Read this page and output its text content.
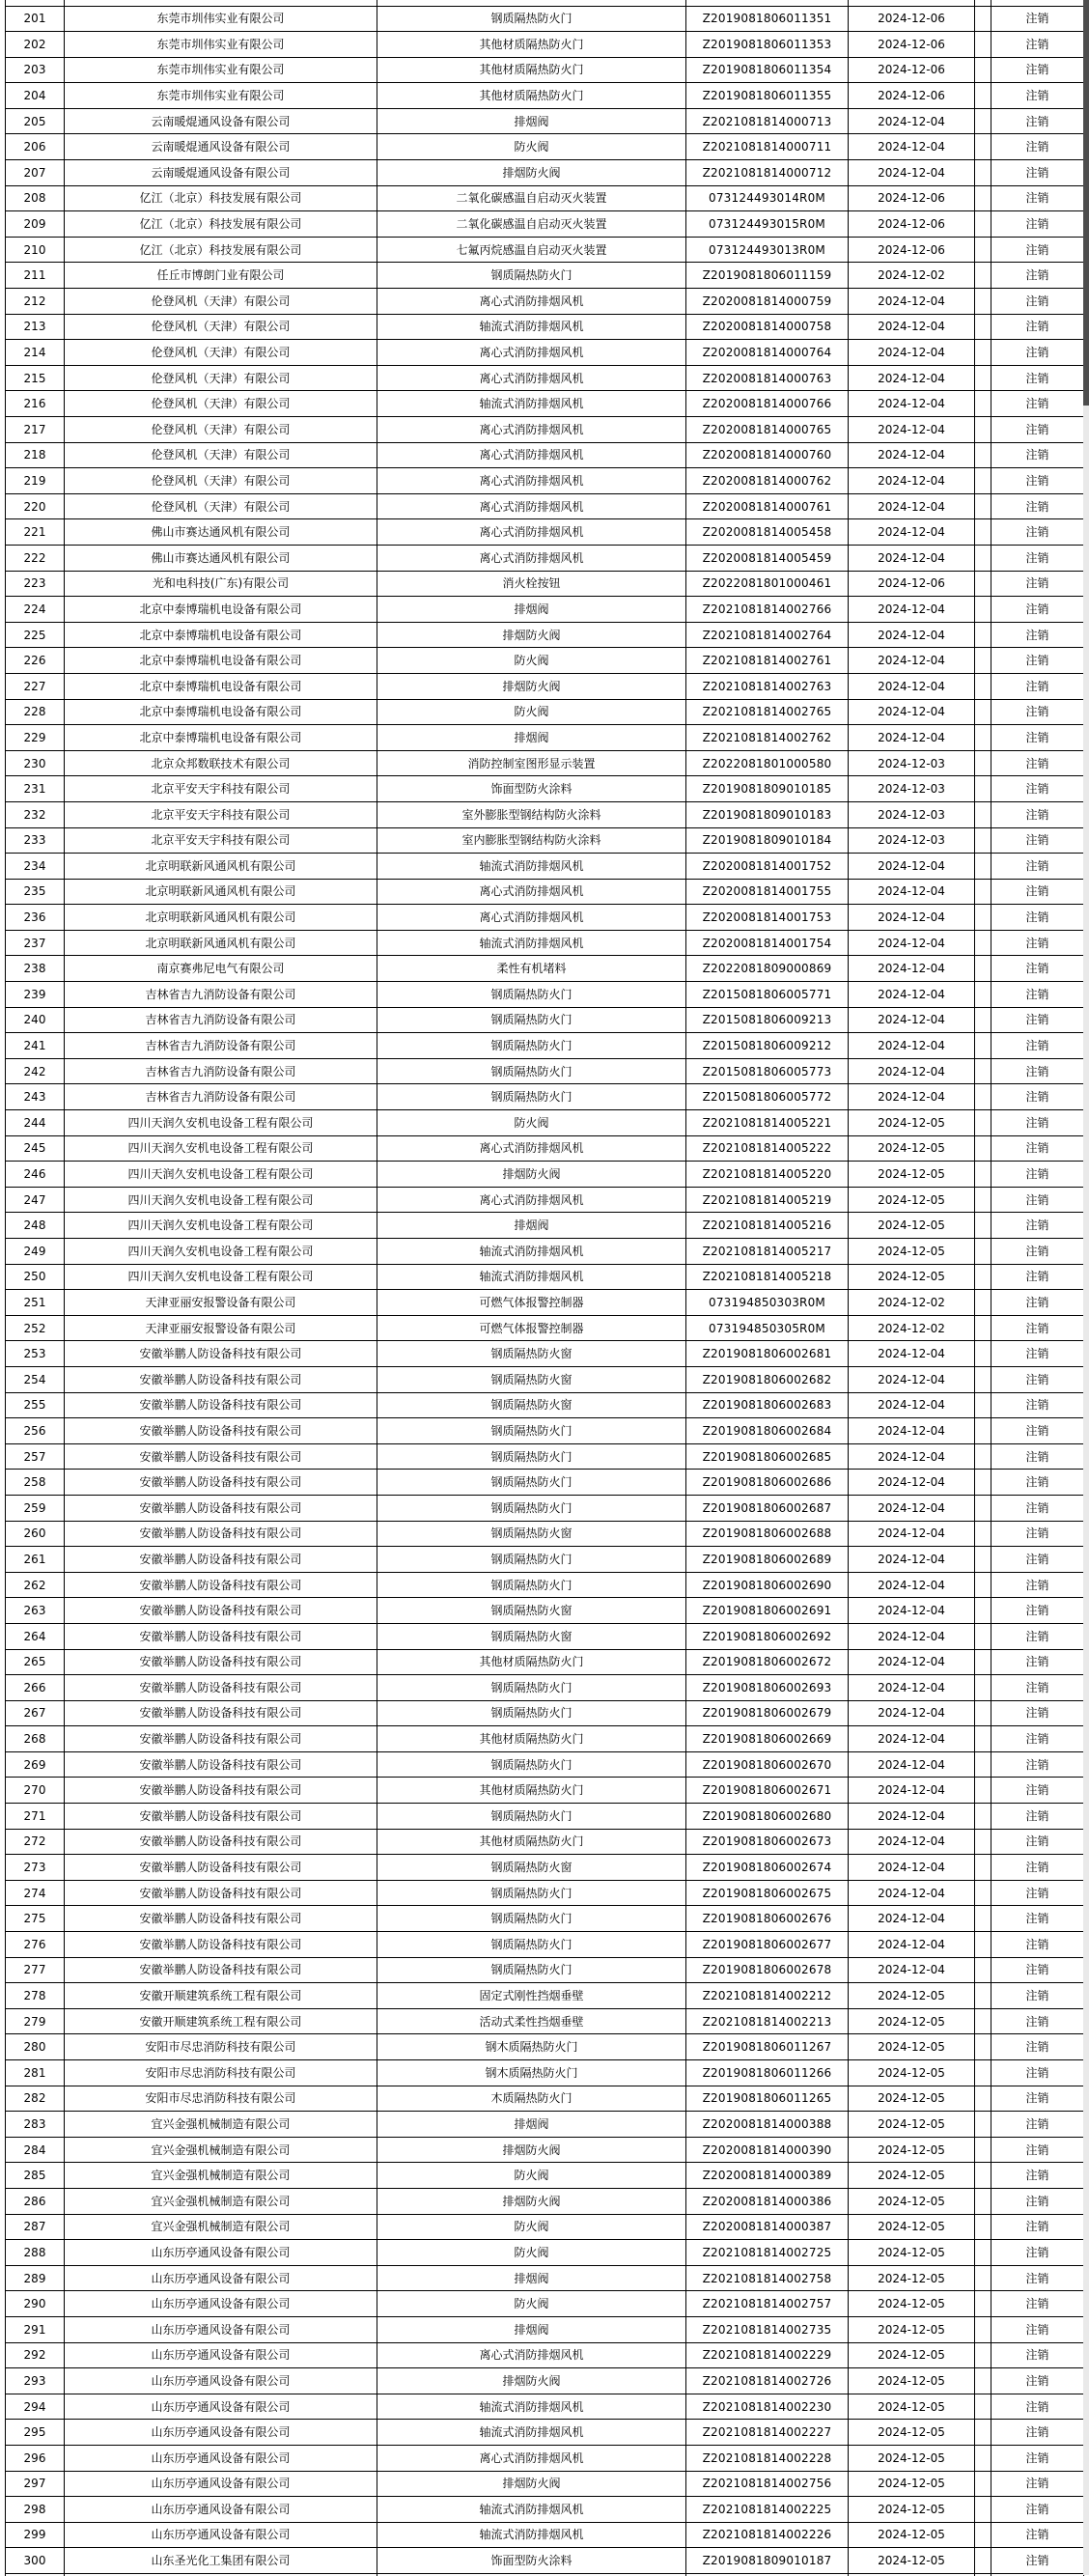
201	东莞市圳伟实业有限公司	钢质隔热防火门	Z2019081806011351	2024-12-06		注销
202	东莞市圳伟实业有限公司	其他材质隔热防火门	Z2019081806011353	2024-12-06		注销
203	东莞市圳伟实业有限公司	其他材质隔热防火门	Z2019081806011354	2024-12-06		注销
204	东莞市圳伟实业有限公司	其他材质隔热防火门	Z2019081806011355	2024-12-06		注销
205	云南暖焜通风设备有限公司	排烟阀	Z2021081814000713	2024-12-04		注销
206	云南暖焜通风设备有限公司	防火阀	Z2021081814000711	2024-12-04		注销
207	云南暖焜通风设备有限公司	排烟防火阀	Z2021081814000712	2024-12-04		注销
208	亿江（北京）科技发展有限公司	二氧化碳感温自启动灭火装置	073124493014R0M	2024-12-06		注销
209	亿江（北京）科技发展有限公司	二氧化碳感温自启动灭火装置	073124493015R0M	2024-12-06		注销
210	亿江（北京）科技发展有限公司	七氟丙烷感温自启动灭火装置	073124493013R0M	2024-12-06		注销
211	任丘市博朗门业有限公司	钢质隔热防火门	Z2019081806011159	2024-12-02		注销
212	伦登风机（天津）有限公司	离心式消防排烟风机	Z2020081814000759	2024-12-04		注销
213	伦登风机（天津）有限公司	轴流式消防排烟风机	Z2020081814000758	2024-12-04		注销
214	伦登风机（天津）有限公司	离心式消防排烟风机	Z2020081814000764	2024-12-04		注销
215	伦登风机（天津）有限公司	离心式消防排烟风机	Z2020081814000763	2024-12-04		注销
216	伦登风机（天津）有限公司	轴流式消防排烟风机	Z2020081814000766	2024-12-04		注销
217	伦登风机（天津）有限公司	离心式消防排烟风机	Z2020081814000765	2024-12-04		注销
218	伦登风机（天津）有限公司	离心式消防排烟风机	Z2020081814000760	2024-12-04		注销
219	伦登风机（天津）有限公司	离心式消防排烟风机	Z2020081814000762	2024-12-04		注销
220	伦登风机（天津）有限公司	离心式消防排烟风机	Z2020081814000761	2024-12-04		注销
221	佛山市赛达通风机有限公司	离心式消防排烟风机	Z2020081814005458	2024-12-04		注销
222	佛山市赛达通风机有限公司	离心式消防排烟风机	Z2020081814005459	2024-12-04		注销
223	光和电科技(广东)有限公司	消火栓按钮	Z2022081801000461	2024-12-06		注销
224	北京中泰博瑞机电设备有限公司	排烟阀	Z2021081814002766	2024-12-04		注销
225	北京中泰博瑞机电设备有限公司	排烟防火阀	Z2021081814002764	2024-12-04		注销
226	北京中泰博瑞机电设备有限公司	防火阀	Z2021081814002761	2024-12-04		注销
227	北京中泰博瑞机电设备有限公司	排烟防火阀	Z2021081814002763	2024-12-04		注销
228	北京中泰博瑞机电设备有限公司	防火阀	Z2021081814002765	2024-12-04		注销
229	北京中泰博瑞机电设备有限公司	排烟阀	Z2021081814002762	2024-12-04		注销
230	北京众邦数联技术有限公司	消防控制室图形显示装置	Z2022081801000580	2024-12-03		注销
231	北京平安天宇科技有限公司	饰面型防火涂料	Z2019081809010185	2024-12-03		注销
232	北京平安天宇科技有限公司	室外膨胀型钢结构防火涂料	Z2019081809010183	2024-12-03		注销
233	北京平安天宇科技有限公司	室内膨胀型钢结构防火涂料	Z2019081809010184	2024-12-03		注销
234	北京明联新风通风机有限公司	轴流式消防排烟风机	Z2020081814001752	2024-12-04		注销
235	北京明联新风通风机有限公司	离心式消防排烟风机	Z2020081814001755	2024-12-04		注销
236	北京明联新风通风机有限公司	离心式消防排烟风机	Z2020081814001753	2024-12-04		注销
237	北京明联新风通风机有限公司	轴流式消防排烟风机	Z2020081814001754	2024-12-04		注销
238	南京赛弗尼电气有限公司	柔性有机堵料	Z2022081809000869	2024-12-04		注销
239	吉林省吉九消防设备有限公司	钢质隔热防火门	Z2015081806005771	2024-12-04		注销
240	吉林省吉九消防设备有限公司	钢质隔热防火门	Z2015081806009213	2024-12-04		注销
241	吉林省吉九消防设备有限公司	钢质隔热防火门	Z2015081806009212	2024-12-04		注销
242	吉林省吉九消防设备有限公司	钢质隔热防火门	Z2015081806005773	2024-12-04		注销
243	吉林省吉九消防设备有限公司	钢质隔热防火门	Z2015081806005772	2024-12-04		注销
244	四川天润久安机电设备工程有限公司	防火阀	Z2021081814005221	2024-12-05		注销
245	四川天润久安机电设备工程有限公司	离心式消防排烟风机	Z2021081814005222	2024-12-05		注销
246	四川天润久安机电设备工程有限公司	排烟防火阀	Z2021081814005220	2024-12-05		注销
247	四川天润久安机电设备工程有限公司	离心式消防排烟风机	Z2021081814005219	2024-12-05		注销
248	四川天润久安机电设备工程有限公司	排烟阀	Z2021081814005216	2024-12-05		注销
249	四川天润久安机电设备工程有限公司	轴流式消防排烟风机	Z2021081814005217	2024-12-05		注销
250	四川天润久安机电设备工程有限公司	轴流式消防排烟风机	Z2021081814005218	2024-12-05		注销
251	天津亚丽安报警设备有限公司	可燃气体报警控制器	073194850303R0M	2024-12-02		注销
252	天津亚丽安报警设备有限公司	可燃气体报警控制器	073194850305R0M	2024-12-02		注销
253	安徽举鹏人防设备科技有限公司	钢质隔热防火窗	Z2019081806002681	2024-12-04		注销
254	安徽举鹏人防设备科技有限公司	钢质隔热防火窗	Z2019081806002682	2024-12-04		注销
255	安徽举鹏人防设备科技有限公司	钢质隔热防火窗	Z2019081806002683	2024-12-04		注销
256	安徽举鹏人防设备科技有限公司	钢质隔热防火门	Z2019081806002684	2024-12-04		注销
257	安徽举鹏人防设备科技有限公司	钢质隔热防火门	Z2019081806002685	2024-12-04		注销
258	安徽举鹏人防设备科技有限公司	钢质隔热防火门	Z2019081806002686	2024-12-04		注销
259	安徽举鹏人防设备科技有限公司	钢质隔热防火门	Z2019081806002687	2024-12-04		注销
260	安徽举鹏人防设备科技有限公司	钢质隔热防火窗	Z2019081806002688	2024-12-04		注销
261	安徽举鹏人防设备科技有限公司	钢质隔热防火门	Z2019081806002689	2024-12-04		注销
262	安徽举鹏人防设备科技有限公司	钢质隔热防火门	Z2019081806002690	2024-12-04		注销
263	安徽举鹏人防设备科技有限公司	钢质隔热防火窗	Z2019081806002691	2024-12-04		注销
264	安徽举鹏人防设备科技有限公司	钢质隔热防火窗	Z2019081806002692	2024-12-04		注销
265	安徽举鹏人防设备科技有限公司	其他材质隔热防火门	Z2019081806002672	2024-12-04		注销
266	安徽举鹏人防设备科技有限公司	钢质隔热防火门	Z2019081806002693	2024-12-04		注销
267	安徽举鹏人防设备科技有限公司	钢质隔热防火门	Z2019081806002679	2024-12-04		注销
268	安徽举鹏人防设备科技有限公司	其他材质隔热防火门	Z2019081806002669	2024-12-04		注销
269	安徽举鹏人防设备科技有限公司	钢质隔热防火门	Z2019081806002670	2024-12-04		注销
270	安徽举鹏人防设备科技有限公司	其他材质隔热防火门	Z2019081806002671	2024-12-04		注销
271	安徽举鹏人防设备科技有限公司	钢质隔热防火门	Z2019081806002680	2024-12-04		注销
272	安徽举鹏人防设备科技有限公司	其他材质隔热防火门	Z2019081806002673	2024-12-04		注销
273	安徽举鹏人防设备科技有限公司	钢质隔热防火窗	Z2019081806002674	2024-12-04		注销
274	安徽举鹏人防设备科技有限公司	钢质隔热防火门	Z2019081806002675	2024-12-04		注销
275	安徽举鹏人防设备科技有限公司	钢质隔热防火门	Z2019081806002676	2024-12-04		注销
276	安徽举鹏人防设备科技有限公司	钢质隔热防火门	Z2019081806002677	2024-12-04		注销
277	安徽举鹏人防设备科技有限公司	钢质隔热防火门	Z2019081806002678	2024-12-04		注销
278	安徽开顺建筑系统工程有限公司	固定式刚性挡烟垂壁	Z2021081814002212	2024-12-05		注销
279	安徽开顺建筑系统工程有限公司	活动式柔性挡烟垂壁	Z2021081814002213	2024-12-05		注销
280	安阳市尽忠消防科技有限公司	钢木质隔热防火门	Z2019081806011267	2024-12-05		注销
281	安阳市尽忠消防科技有限公司	钢木质隔热防火门	Z2019081806011266	2024-12-05		注销
282	安阳市尽忠消防科技有限公司	木质隔热防火门	Z2019081806011265	2024-12-05		注销
283	宜兴金强机械制造有限公司	排烟阀	Z2020081814000388	2024-12-05		注销
284	宜兴金强机械制造有限公司	排烟防火阀	Z2020081814000390	2024-12-05		注销
285	宜兴金强机械制造有限公司	防火阀	Z2020081814000389	2024-12-05		注销
286	宜兴金强机械制造有限公司	排烟防火阀	Z2020081814000386	2024-12-05		注销
287	宜兴金强机械制造有限公司	防火阀	Z2020081814000387	2024-12-05		注销
288	山东历亭通风设备有限公司	防火阀	Z2021081814002725	2024-12-05		注销
289	山东历亭通风设备有限公司	排烟阀	Z2021081814002758	2024-12-05		注销
290	山东历亭通风设备有限公司	防火阀	Z2021081814002757	2024-12-05		注销
291	山东历亭通风设备有限公司	排烟阀	Z2021081814002735	2024-12-05		注销
292	山东历亭通风设备有限公司	离心式消防排烟风机	Z2021081814002229	2024-12-05		注销
293	山东历亭通风设备有限公司	排烟防火阀	Z2021081814002726	2024-12-05		注销
294	山东历亭通风设备有限公司	轴流式消防排烟风机	Z2021081814002230	2024-12-05		注销
295	山东历亭通风设备有限公司	轴流式消防排烟风机	Z2021081814002227	2024-12-05		注销
296	山东历亭通风设备有限公司	离心式消防排烟风机	Z2021081814002228	2024-12-05		注销
297	山东历亭通风设备有限公司	排烟防火阀	Z2021081814002756	2024-12-05		注销
298	山东历亭通风设备有限公司	轴流式消防排烟风机	Z2021081814002225	2024-12-05		注销
299	山东历亭通风设备有限公司	轴流式消防排烟风机	Z2021081814002226	2024-12-05		注销
300	山东圣光化工集团有限公司	饰面型防火涂料	Z2019081809010187	2024-12-05		注销
